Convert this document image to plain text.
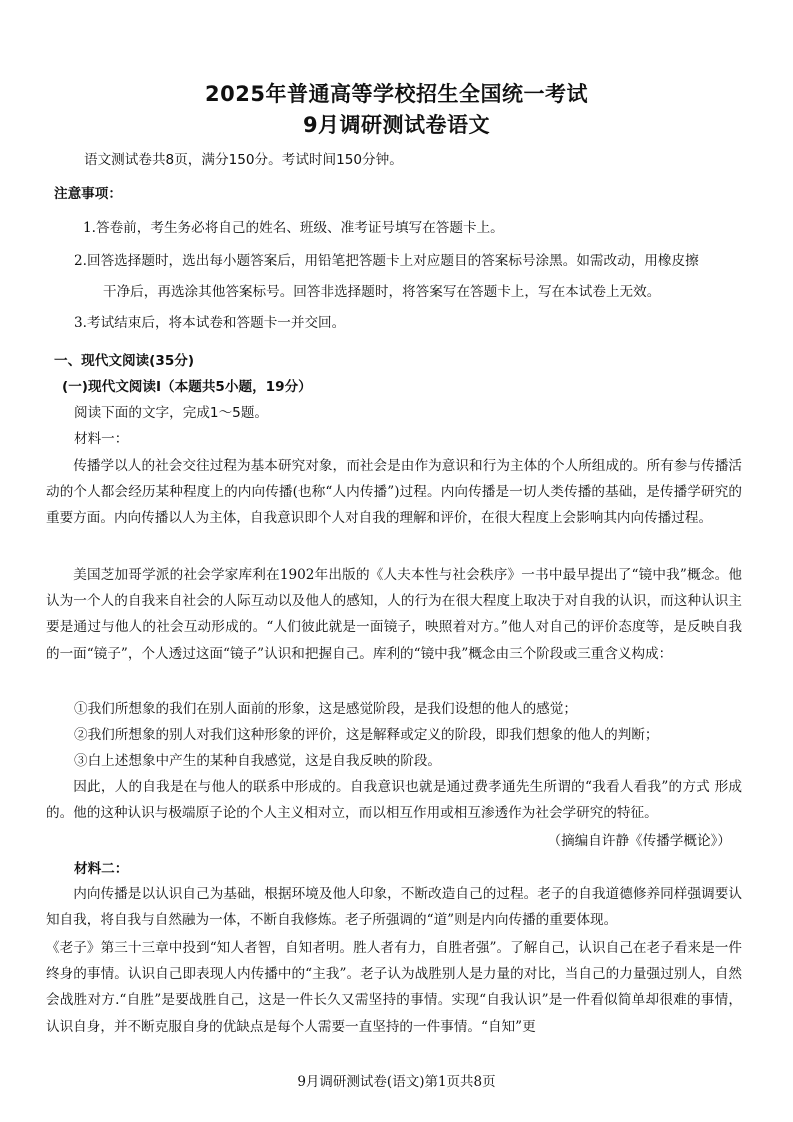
2025年普通高等学校招生全国统一考试
9月调研测试卷语文
语文测试卷共8页，满分150分。考试时间150分钟。
注意事项：
1.答卷前，考生务必将自己的姓名、班级、准考证号填写在答题卡上。
2.回答选择题时，选出每小题答案后，用铅笔把答题卡上对应题目的答案标号涂黑。如需改动，用橡皮擦
干净后，再选涂其他答案标号。回答非选择题时，将答案写在答题卡上，写在本试卷上无效。
3.考试结束后，将本试卷和答题卡一并交回。
一、现代文阅读(35分)
(一)现代文阅读Ⅰ（本题共5小题，19分）
阅读下面的文字，完成1～5题。
材料一：
传播学以人的社会交往过程为基本研究对象，而社会是由作为意识和行为主体的个人所组成的。所有参与传播活动的个人都会经历某种程度上的内向传播(也称“人内传播”)过程。内向传播是一切人类传播的基础，是传播学研究的重要方面。内向传播以人为主体，自我意识即个人对自我的理解和评价，在很大程度上会影响其内向传播过程。
美国芝加哥学派的社会学家库利在1902年出版的《人夫本性与社会秩序》一书中最早提出了“镜中我”概念。他认为一个人的自我来自社会的人际互动以及他人的感知，人的行为在很大程度上取决于对自我的认识，而这种认识主要是通过与他人的社会互动形成的。“人们彼此就是一面镜子，映照着对方。”他人对自己的评价态度等，是反映自我的一面“镜子”，个人透过这面“镜子”认识和把握自己。库利的“镜中我”概念由三个阶段或三重含义构成：
①我们所想象的我们在别人面前的形象，这是感觉阶段，是我们设想的他人的感觉；
②我们所想象的别人对我们这种形象的评价，这是解释或定义的阶段，即我们想象的他人的判断；
③白上述想象中产生的某种自我感觉，这是自我反映的阶段。
因此，人的自我是在与他人的联系中形成的。自我意识也就是通过费孝通先生所谓的“我看人看我”的方式 形成的。他的这种认识与极端原子论的个人主义相对立，而以相互作用或相互渗透作为社会学研究的特征。
（摘编自许静《传播学概论》）
材料二：
内向传播是以认识自己为基础，根据环境及他人印象，不断改造自己的过程。老子的自我道德修养同样强调要认知自我，将自我与自然融为一体，不断自我修炼。老子所强调的“道”则是内向传播的重要体现。
《老子》第三十三章中投到“知人者智，自知者明。胜人者有力，自胜者强”。了解自己，认识自己在老子看来是一件终身的事情。认识自己即表现人内传播中的“主我”。老子认为战胜别人是力量的对比，当自己的力量强过别人，自然会战胜对方.“自胜”是要战胜自己，这是一件长久又需坚持的事情。实现“自我认识”是一件看似简单却很难的事情，认识自身，并不断克服自身的优缺点是每个人需要一直坚持的一件事情。“自知”更
9月调研测试卷(语文)第1页共8页
